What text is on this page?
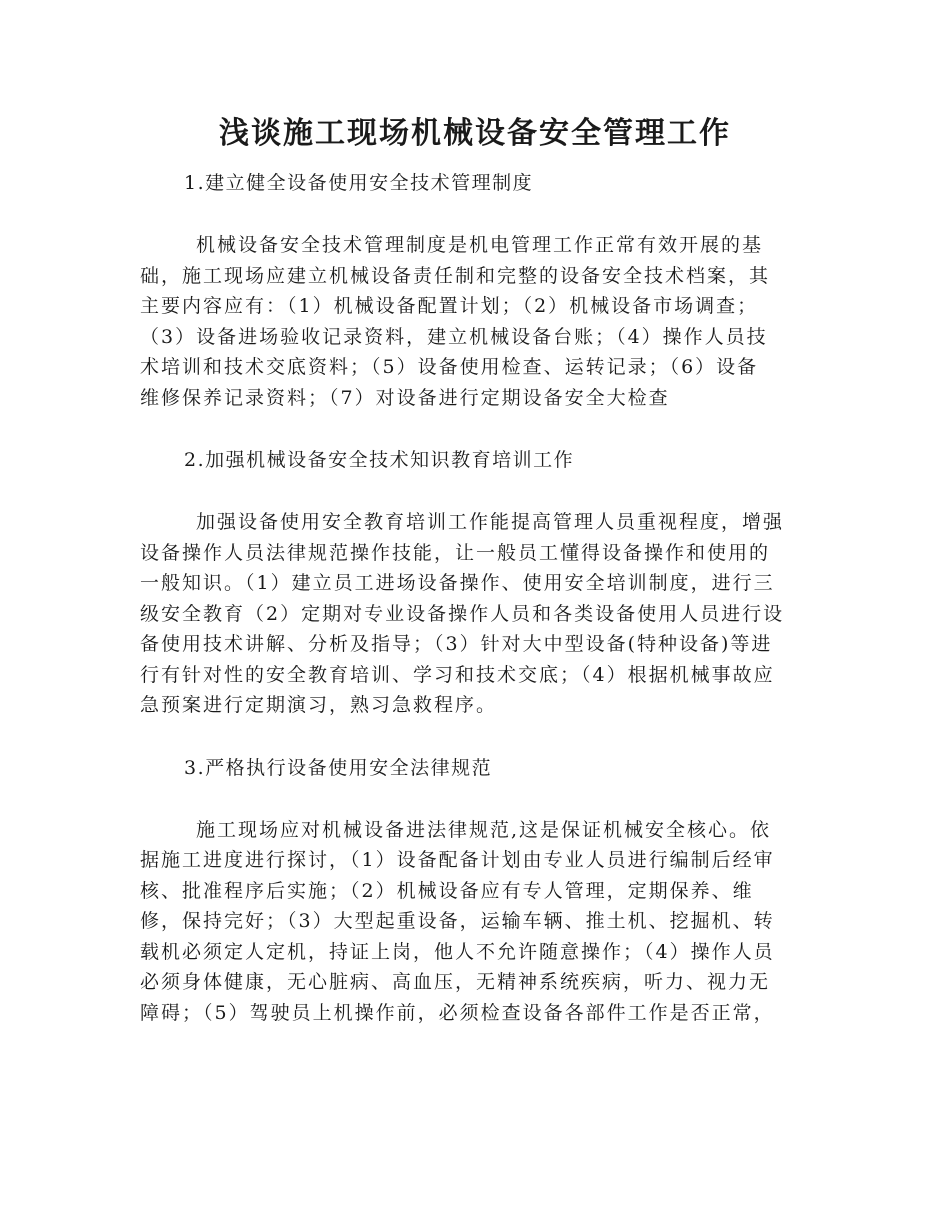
浅谈施工现场机械设备安全管理工作
1.建立健全设备使用安全技术管理制度

机械设备安全技术管理制度是机电管理工作正常有效开展的基
础，施工现场应建立机械设备责任制和完整的设备安全技术档案，其
主要内容应有：（1）机械设备配置计划；（2）机械设备市场调查；
（3）设备进场验收记录资料，建立机械设备台账；（4）操作人员技
术培训和技术交底资料；（5）设备使用检查、运转记录；（6）设备
维修保养记录资料；（7）对设备进行定期设备安全大检查

2.加强机械设备安全技术知识教育培训工作

加强设备使用安全教育培训工作能提高管理人员重视程度，增强
设备操作人员法律规范操作技能，让一般员工懂得设备操作和使用的
一般知识。（1）建立员工进场设备操作、使用安全培训制度，进行三
级安全教育（2）定期对专业设备操作人员和各类设备使用人员进行设
备使用技术讲解、分析及指导；（3）针对大中型设备(特种设备)等进
行有针对性的安全教育培训、学习和技术交底；（4）根据机械事故应
急预案进行定期演习，熟习急救程序。

3.严格执行设备使用安全法律规范

施工现场应对机械设备进法律规范,这是保证机械安全核心。依
据施工进度进行探讨，（1）设备配备计划由专业人员进行编制后经审
核、批准程序后实施；（2）机械设备应有专人管理，定期保养、维
修，保持完好；（3）大型起重设备，运输车辆、推土机、挖掘机、转
载机必须定人定机，持证上岗，他人不允许随意操作；（4）操作人员
必须身体健康，无心脏病、高血压，无精神系统疾病，听力、视力无
障碍；（5）驾驶员上机操作前，必须检查设备各部件工作是否正常，
